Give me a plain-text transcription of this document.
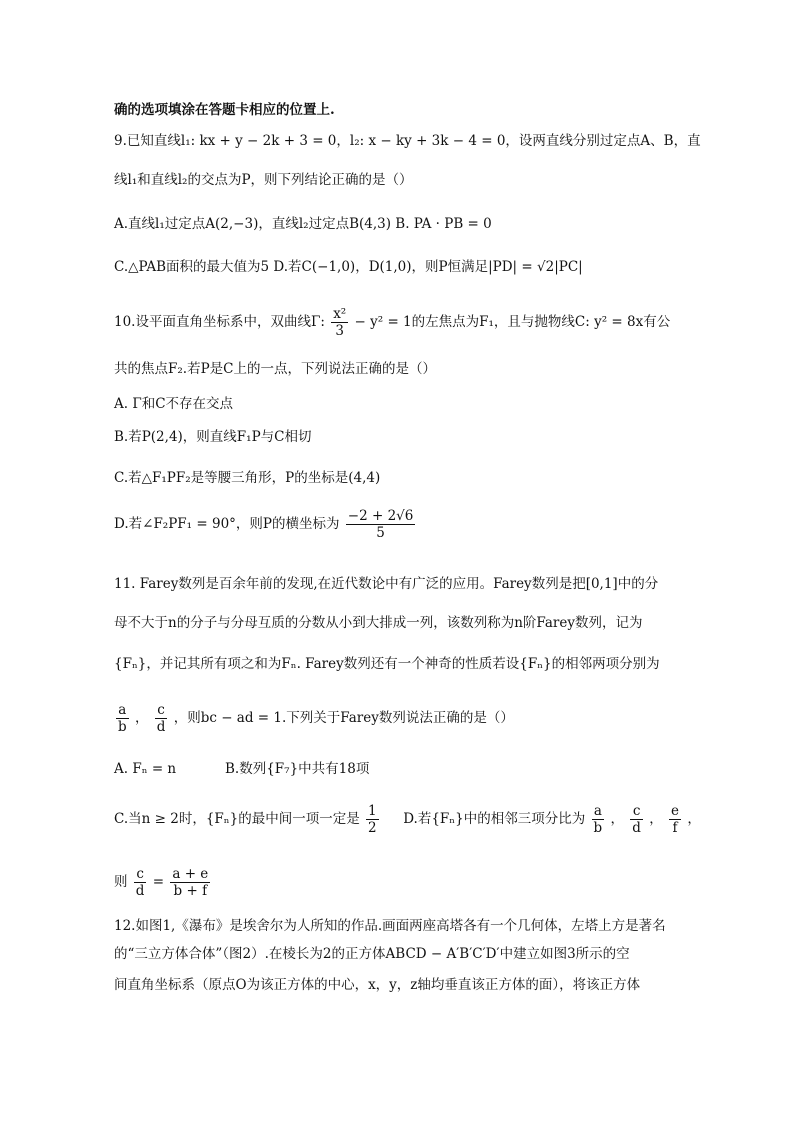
确的选项填涂在答题卡相应的位置上.
9.已知直线l₁: kx + y − 2k + 3 = 0，l₂: x − ky + 3k − 4 = 0，设两直线分别过定点A、B，直
线l₁和直线l₂的交点为P，则下列结论正确的是（）
A.直线l₁过定点A(2,−3)，直线l₂过定点B(4,3) B. PA · PB = 0
C.△PAB面积的最大值为5 D.若C(−1,0)，D(1,0)，则P恒满足|PD| = √2|PC|
10.设平面直角坐标系中，双曲线Γ: $\frac{\text{x²}}{3} - y^2 = 1$的左焦点为F₁，且与抛物线C: y² = 8x有公
共的焦点F₂.若P是C上的一点，下列说法正确的是（）
A. Γ和C不存在交点
B.若P(2,4)，则直线F₁P与C相切
C.若△F₁PF₂是等腰三角形，P的坐标是(4,4)
D.若∠F₂PF₁ = 90°，则P的横坐标为 $\frac{-2 + 2√6}{5}$
11. Farey数列是百余年前的发现,在近代数论中有广泛的应用。Farey数列是把[0,1]中的分
母不大于n的分子与分母互质的分数从小到大排成一列，该数列称为n阶Farey数列，记为
{Fₙ}，并记其所有项之和为Fₙ. Farey数列还有一个神奇的性质若设{Fₙ}的相邻两项分别为
$\frac{a}{b}$ ， $\frac{c}{d}$ ，则bc − ad = 1.下列关于Farey数列说法正确的是（）
A. Fₙ = n	B.数列{F₇}中共有18项
C.当n ≥ 2时，{Fₙ}的最中间一项一定是 $\frac{1}{2} D$.若{Fₙ}中的相邻三项分比为 $\frac{a}{b}$ ， $\frac{c}{d}$ ， $\frac{e}{f}$ ，
则 $\frac{c}{d} = \frac{a + e}{b + f}$
12.如图1,《瀑布》是埃舍尔为人所知的作品.画面两座高塔各有一个几何体，左塔上方是著名
的“三立方体合体”（图2）.在棱长为2的正方体ABCD − A′B′C′D′中建立如图3所示的空
间直角坐标系（原点O为该正方体的中心，x，y，z轴均垂直该正方体的面），将该正方体
